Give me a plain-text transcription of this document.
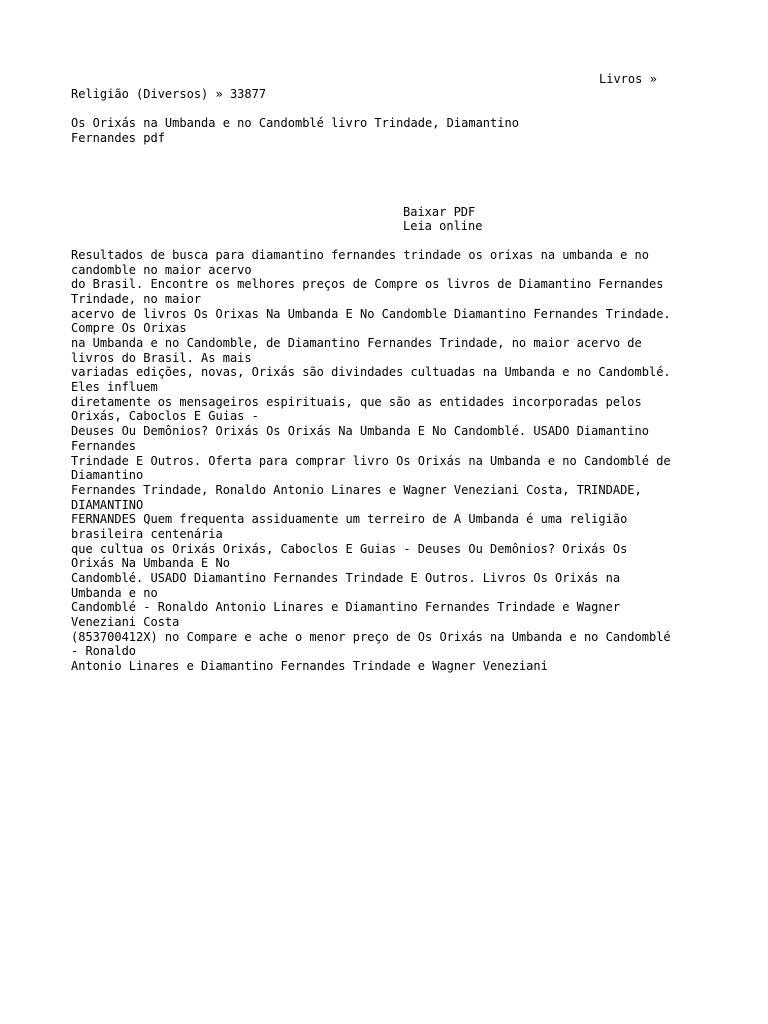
Livros »
Religião (Diversos) » 33877
Os Orixás na Umbanda e no Candomblé livro Trindade, Diamantino
Fernandes pdf
Baixar PDF
Leia online
Resultados de busca para diamantino fernandes trindade os orixas na umbanda e no
candomble no maior acervo
do Brasil. Encontre os melhores preços de Compre os livros de Diamantino Fernandes
Trindade, no maior
acervo de livros Os Orixas Na Umbanda E No Candomble Diamantino Fernandes Trindade.
Compre Os Orixas
na Umbanda e no Candomble, de Diamantino Fernandes Trindade, no maior acervo de
livros do Brasil. As mais
variadas edições, novas, Orixás são divindades cultuadas na Umbanda e no Candomblé.
Eles influem
diretamente os mensageiros espirituais, que são as entidades incorporadas pelos
Orixás, Caboclos E Guias -
Deuses Ou Demônios? Orixás Os Orixás Na Umbanda E No Candomblé. USADO Diamantino
Fernandes
Trindade E Outros. Oferta para comprar livro Os Orixás na Umbanda e no Candomblé de
Diamantino
Fernandes Trindade, Ronaldo Antonio Linares e Wagner Veneziani Costa, TRINDADE,
DIAMANTINO
FERNANDES Quem frequenta assiduamente um terreiro de A Umbanda é uma religião
brasileira centenária
que cultua os Orixás Orixás, Caboclos E Guias - Deuses Ou Demônios? Orixás Os
Orixás Na Umbanda E No
Candomblé. USADO Diamantino Fernandes Trindade E Outros. Livros Os Orixás na
Umbanda e no
Candomblé - Ronaldo Antonio Linares e Diamantino Fernandes Trindade e Wagner
Veneziani Costa
(853700412X) no Compare e ache o menor preço de Os Orixás na Umbanda e no Candomblé
- Ronaldo
Antonio Linares e Diamantino Fernandes Trindade e Wagner Veneziani
